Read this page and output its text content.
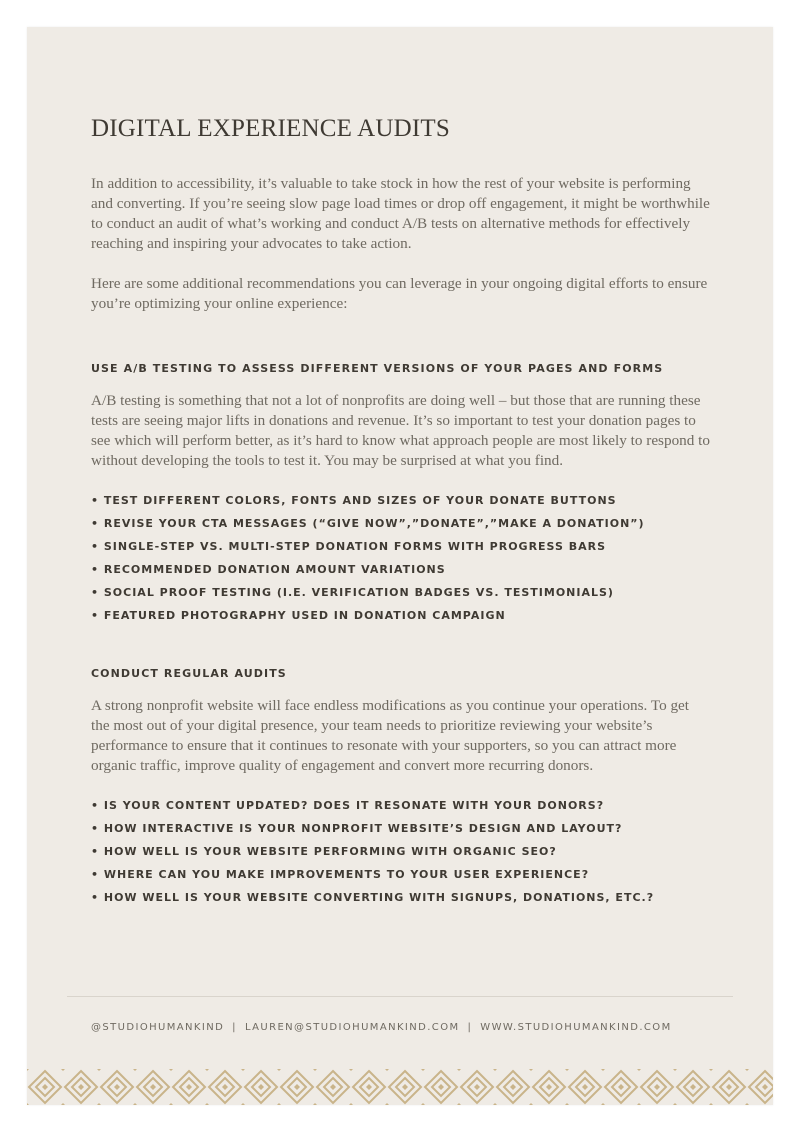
DIGITAL EXPERIENCE AUDITS

In addition to accessibility, it’s valuable to take stock in how the rest of your website is performing and converting. If you’re seeing slow page load times or drop off engagement, it might be worthwhile to conduct an audit of what’s working and conduct A/B tests on alternative methods for effectively reaching and inspiring your advocates to take action.

Here are some additional recommendations you can leverage in your ongoing digital efforts to ensure you’re optimizing your online experience:

USE A/B TESTING TO ASSESS DIFFERENT VERSIONS OF YOUR PAGES AND FORMS

A/B testing is something that not a lot of nonprofits are doing well – but those that are running these tests are seeing major lifts in donations and revenue. It’s so important to test your donation pages to see which will perform better, as it’s hard to know what approach people are most likely to respond to without developing the tools to test it. You may be surprised at what you find.

• TEST DIFFERENT COLORS, FONTS AND SIZES OF YOUR DONATE BUTTONS
• REVISE YOUR CTA MESSAGES (“GIVE NOW”,”DONATE”,”MAKE A DONATION”)
• SINGLE-STEP VS. MULTI-STEP DONATION FORMS WITH PROGRESS BARS
• RECOMMENDED DONATION AMOUNT VARIATIONS
• SOCIAL PROOF TESTING (I.E. VERIFICATION BADGES VS. TESTIMONIALS)
• FEATURED PHOTOGRAPHY USED IN DONATION CAMPAIGN
CONDUCT REGULAR AUDITS

A strong nonprofit website will face endless modifications as you continue your operations. To get the most out of your digital presence, your team needs to prioritize reviewing your website’s performance to ensure that it continues to resonate with your supporters, so you can attract more organic traffic, improve quality of engagement and convert more recurring donors.

• IS YOUR CONTENT UPDATED? DOES IT RESONATE WITH YOUR DONORS?
• HOW INTERACTIVE IS YOUR NONPROFIT WEBSITE’S DESIGN AND LAYOUT?
• HOW WELL IS YOUR WEBSITE PERFORMING WITH ORGANIC SEO?
• WHERE CAN YOU MAKE IMPROVEMENTS TO YOUR USER EXPERIENCE?
• HOW WELL IS YOUR WEBSITE CONVERTING WITH SIGNUPS, DONATIONS, ETC.?
@STUDIOHUMANKIND | LAUREN@STUDIOHUMANKIND.COM | WWW.STUDIOHUMANKIND.COM
